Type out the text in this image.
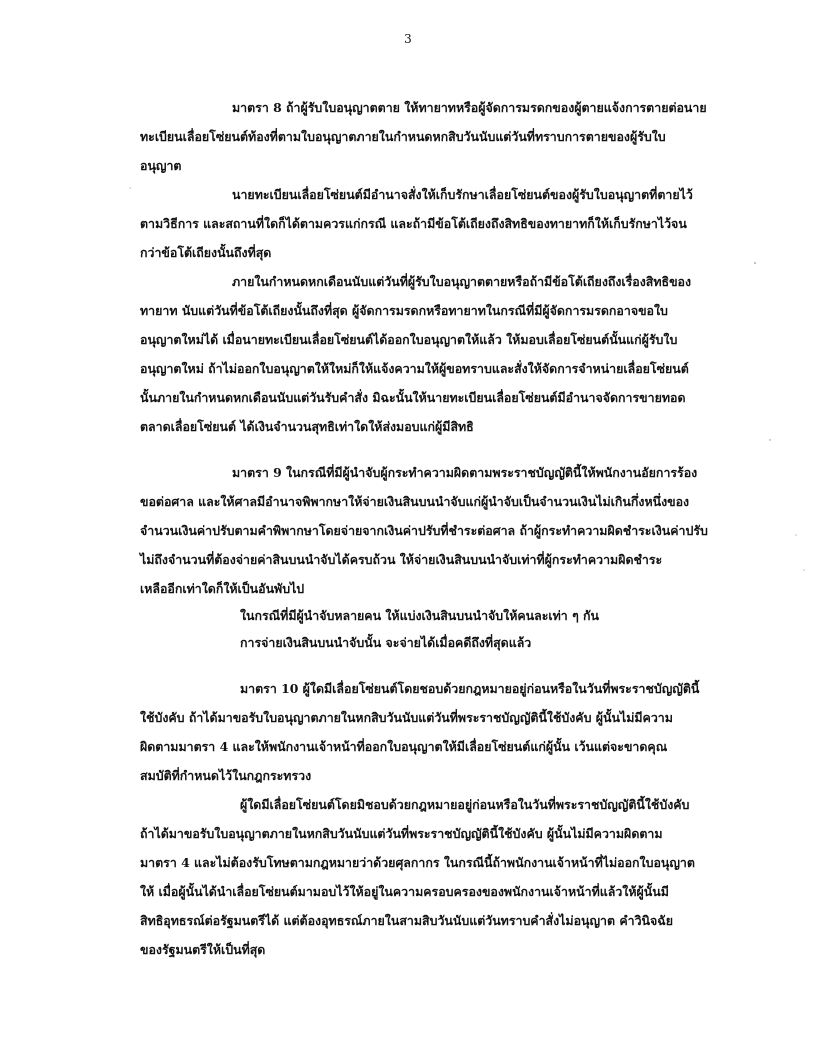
3
มาตรา 8 ถ้าผู้รับใบอนุญาตตาย ให้ทายาทหรือผู้จัดการมรดกของผู้ตายแจ้งการตายต่อนาย
ทะเบียนเลื่อยโซ่ยนต์ท้องที่ตามใบอนุญาตภายในกำหนดหกสิบวันนับแต่วันที่ทราบการตายของผู้รับใบ
อนุญาต
นายทะเบียนเลื่อยโซ่ยนต์มีอำนาจสั่งให้เก็บรักษาเลื่อยโซ่ยนต์ของผู้รับใบอนุญาตที่ตายไว้
ตามวิธีการ และสถานที่ใดก็ได้ตามควรแก่กรณี และถ้ามีข้อโต้เถียงถึงสิทธิของทายาทก็ให้เก็บรักษาไว้จน
กว่าข้อโต้เถียงนั้นถึงที่สุด
ภายในกำหนดหกเดือนนับแต่วันที่ผู้รับใบอนุญาตตายหรือถ้ามีข้อโต้เถียงถึงเรื่องสิทธิของ
ทายาท นับแต่วันที่ข้อโต้เถียงนั้นถึงที่สุด ผู้จัดการมรดกหรือทายาทในกรณีที่มีผู้จัดการมรดกอาจขอใบ
อนุญาตใหม่ได้ เมื่อนายทะเบียนเลื่อยโซ่ยนต์ได้ออกใบอนุญาตให้แล้ว ให้มอบเลื่อยโซ่ยนต์นั้นแก่ผู้รับใบ
อนุญาตใหม่ ถ้าไม่ออกใบอนุญาตให้ใหม่ก็ให้แจ้งความให้ผู้ขอทราบและสั่งให้จัดการจำหน่ายเลื่อยโซ่ยนต์
นั้นภายในกำหนดหกเดือนนับแต่วันรับคำสั่ง มิฉะนั้นให้นายทะเบียนเลื่อยโซ่ยนต์มีอำนาจจัดการขายทอด
ตลาดเลื่อยโซ่ยนต์ ได้เงินจำนวนสุทธิเท่าใดให้ส่งมอบแก่ผู้มีสิทธิ
มาตรา 9 ในกรณีที่มีผู้นำจับผู้กระทำความผิดตามพระราชบัญญัตินี้ให้พนักงานอัยการร้อง
ขอต่อศาล และให้ศาลมีอำนาจพิพากษาให้จ่ายเงินสินบนนำจับแก่ผู้นำจับเป็นจำนวนเงินไม่เกินกึ่งหนึ่งของ
จำนวนเงินค่าปรับตามคำพิพากษาโดยจ่ายจากเงินค่าปรับที่ชำระต่อศาล ถ้าผู้กระทำความผิดชำระเงินค่าปรับ
ไม่ถึงจำนวนที่ต้องจ่ายค่าสินบนนำจับได้ครบถ้วน ให้จ่ายเงินสินบนนำจับเท่าที่ผู้กระทำความผิดชำระ
เหลืออีกเท่าใดก็ให้เป็นอันพับไป
ในกรณีที่มีผู้นำจับหลายคน ให้แบ่งเงินสินบนนำจับให้คนละเท่า ๆ กัน
การจ่ายเงินสินบนนำจับนั้น จะจ่ายได้เมื่อคดีถึงที่สุดแล้ว
มาตรา 10 ผู้ใดมีเลื่อยโซ่ยนต์โดยชอบด้วยกฎหมายอยู่ก่อนหรือในวันที่พระราชบัญญัตินี้
ใช้บังคับ ถ้าได้มาขอรับใบอนุญาตภายในหกสิบวันนับแต่วันที่พระราชบัญญัตินี้ใช้บังคับ ผู้นั้นไม่มีความ
ผิดตามมาตรา 4 และให้พนักงานเจ้าหน้าที่ออกใบอนุญาตให้มีเลื่อยโซ่ยนต์แก่ผู้นั้น เว้นแต่จะขาดคุณ
สมบัติที่กำหนดไว้ในกฎกระทรวง
ผู้ใดมีเลื่อยโซ่ยนต์โดยมิชอบด้วยกฎหมายอยู่ก่อนหรือในวันที่พระราชบัญญัตินี้ใช้บังคับ
ถ้าได้มาขอรับใบอนุญาตภายในหกสิบวันนับแต่วันที่พระราชบัญญัตินี้ใช้บังคับ ผู้นั้นไม่มีความผิดตาม
มาตรา 4 และไม่ต้องรับโทษตามกฎหมายว่าด้วยศุลกากร ในกรณีนี้ถ้าพนักงานเจ้าหน้าที่ไม่ออกใบอนุญาต
ให้ เมื่อผู้นั้นได้นำเลื่อยโซ่ยนต์มามอบไว้ให้อยู่ในความครอบครองของพนักงานเจ้าหน้าที่แล้วให้ผู้นั้นมี
สิทธิอุทธรณ์ต่อรัฐมนตรีได้ แต่ต้องอุทธรณ์ภายในสามสิบวันนับแต่วันทราบคำสั่งไม่อนุญาต คำวินิจฉัย
ของรัฐมนตรีให้เป็นที่สุด
